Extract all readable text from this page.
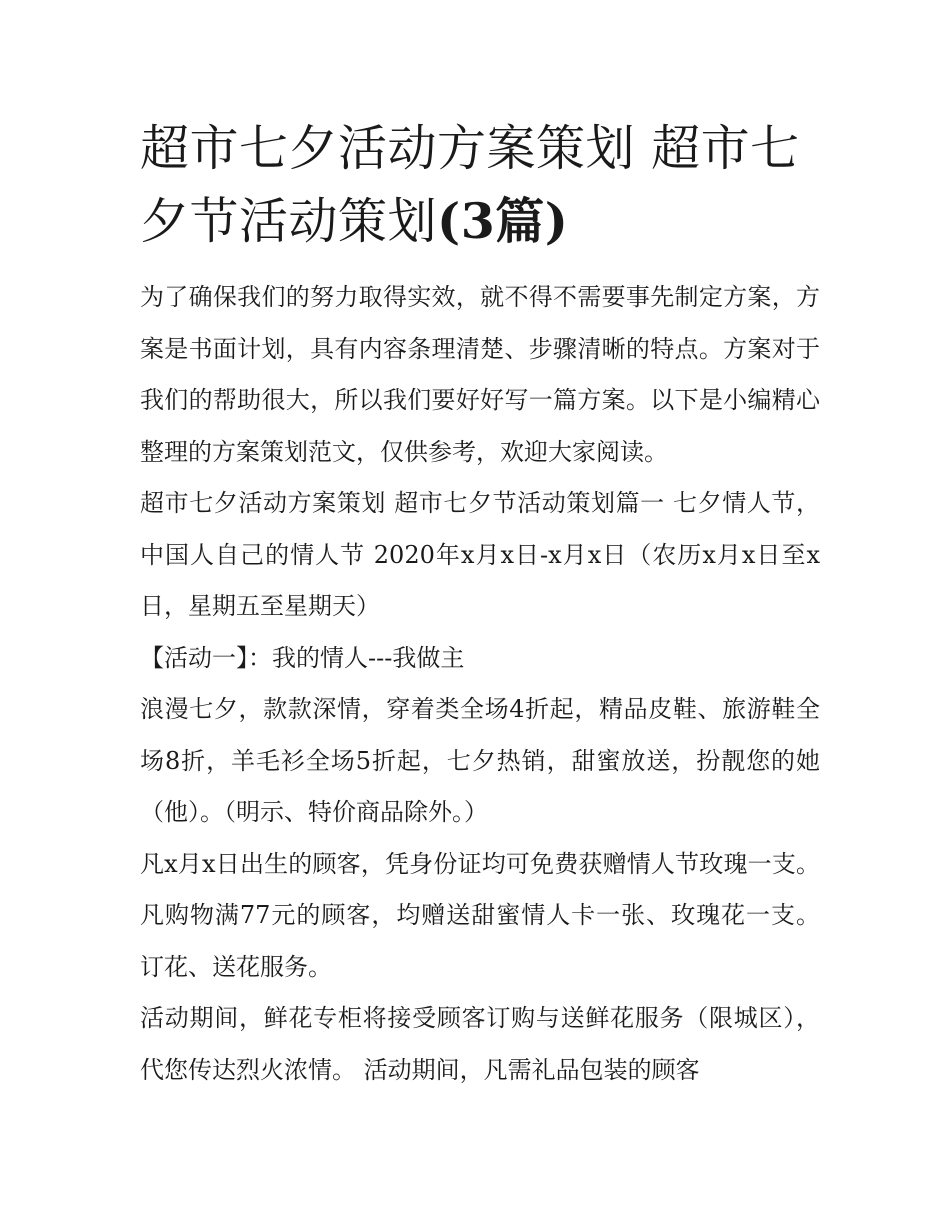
超市七夕活动方案策划 超市七夕节活动策划(3篇)

为了确保我们的努力取得实效，就不得不需要事先制定方案，方案是书面计划，具有内容条理清楚、步骤清晰的特点。方案对于我们的帮助很大，所以我们要好好写一篇方案。以下是小编精心整理的方案策划范文，仅供参考，欢迎大家阅读。

超市七夕活动方案策划 超市七夕节活动策划篇一 七夕情人节，中国人自己的情人节 2020年x月x日-x月x日（农历x月x日至x日，星期五至星期天）

【活动一】：我的情人---我做主

浪漫七夕，款款深情，穿着类全场4折起，精品皮鞋、旅游鞋全场8折，羊毛衫全场5折起，七夕热销，甜蜜放送，扮靓您的她（他）。（明示、特价商品除外。）

凡x月x日出生的顾客，凭身份证均可免费获赠情人节玫瑰一支。 凡购物满77元的顾客，均赠送甜蜜情人卡一张、玫瑰花一支。 订花、送花服务。

活动期间，鲜花专柜将接受顾客订购与送鲜花服务（限城区），代您传达烈火浓情。 活动期间，凡需礼品包装的顾客
